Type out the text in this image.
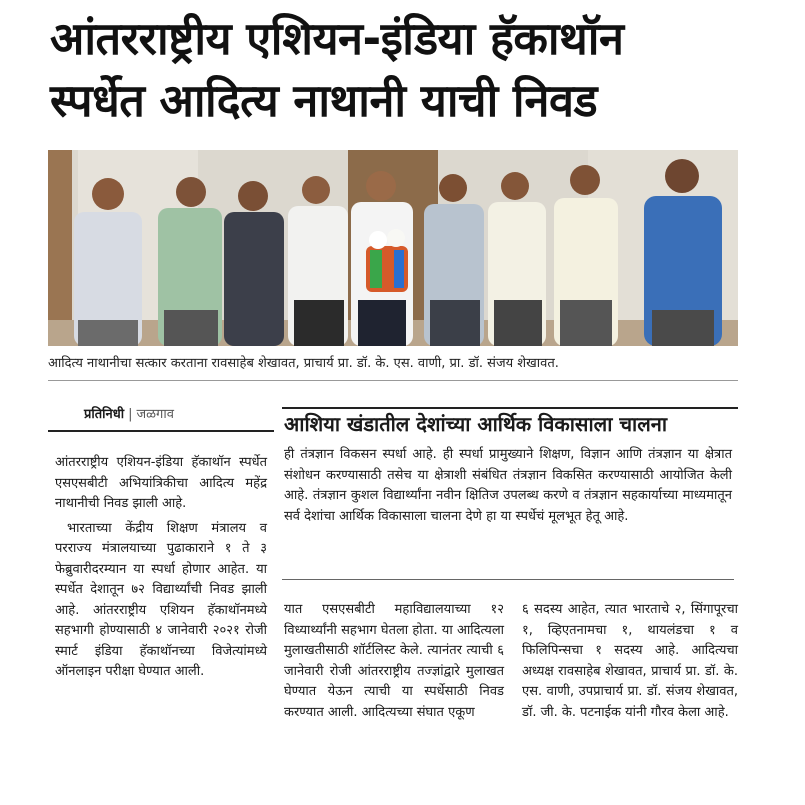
आंतरराष्ट्रीय एशियन-इंडिया हॅकाथॉन
स्पर्धेत आदित्य नाथानी याची निवड
आदित्य नाथानीचा सत्कार करताना रावसाहेब शेखावत, प्राचार्य प्रा. डॉ. के. एस. वाणी, प्रा. डॉ. संजय शेखावत.
प्रतिनिधी | जळगाव

आंतरराष्ट्रीय एशियन-इंडिया हॅकाथॉन स्पर्धेत एसएसबीटी अभियांत्रिकीचा आदित्य महेंद्र नाथानीची निवड झाली आहे.

भारताच्या केंद्रीय शिक्षण मंत्रालय व परराज्य मंत्रालयाच्या पुढाकाराने १ ते ३ फेब्रुवारीदरम्यान या स्पर्धा होणार आहेत. या स्पर्धेत देशातून ७२ विद्यार्थ्यांची निवड झाली आहे. आंतरराष्ट्रीय एशियन हॅकाथॉनमध्ये सहभागी होण्यासाठी ४ जानेवारी २०२१ रोजी स्मार्ट इंडिया हॅकाथॉनच्या विजेत्यांमध्ये ऑनलाइन परीक्षा घेण्यात आली.

आशिया खंडातील देशांच्या आर्थिक विकासाला चालना

ही तंत्रज्ञान विकसन स्पर्धा आहे. ही स्पर्धा प्रामुख्याने शिक्षण, विज्ञान आणि तंत्रज्ञान या क्षेत्रात संशोधन करण्यासाठी तसेच या क्षेत्राशी संबंधित तंत्रज्ञान विकसित करण्यासाठी आयोजित केली आहे. तंत्रज्ञान कुशल विद्यार्थ्यांना नवीन क्षितिज उपलब्ध करणे व तंत्रज्ञान सहकार्याच्या माध्यमातून सर्व देशांचा आर्थिक विकासाला चालना देणे हा या स्पर्धेचं मूलभूत हेतू आहे.

यात एसएसबीटी महाविद्यालयाच्या १२ विध्यार्थ्यांनी सहभाग घेतला होता. या आदित्यला मुलाखतीसाठी शॉर्टलिस्ट केले. त्यानंतर त्याची ६ जानेवारी रोजी आंतरराष्ट्रीय तज्ज्ञांद्वारे मुलाखत घेण्यात येऊन त्याची या स्पर्धेसाठी निवड करण्यात आली. आदित्यच्या संघात एकूण

६ सदस्य आहेत, त्यात भारताचे २, सिंगापूरचा १, व्हिएतनामचा १, थायलंडचा १ व फिलिपिन्सचा १ सदस्य आहे. आदित्यचा अध्यक्ष रावसाहेब शेखावत, प्राचार्य प्रा. डॉ. के. एस. वाणी, उपप्राचार्य प्रा. डॉ. संजय शेखावत, डॉ. जी. के. पटनाईक यांनी गौरव केला आहे.
